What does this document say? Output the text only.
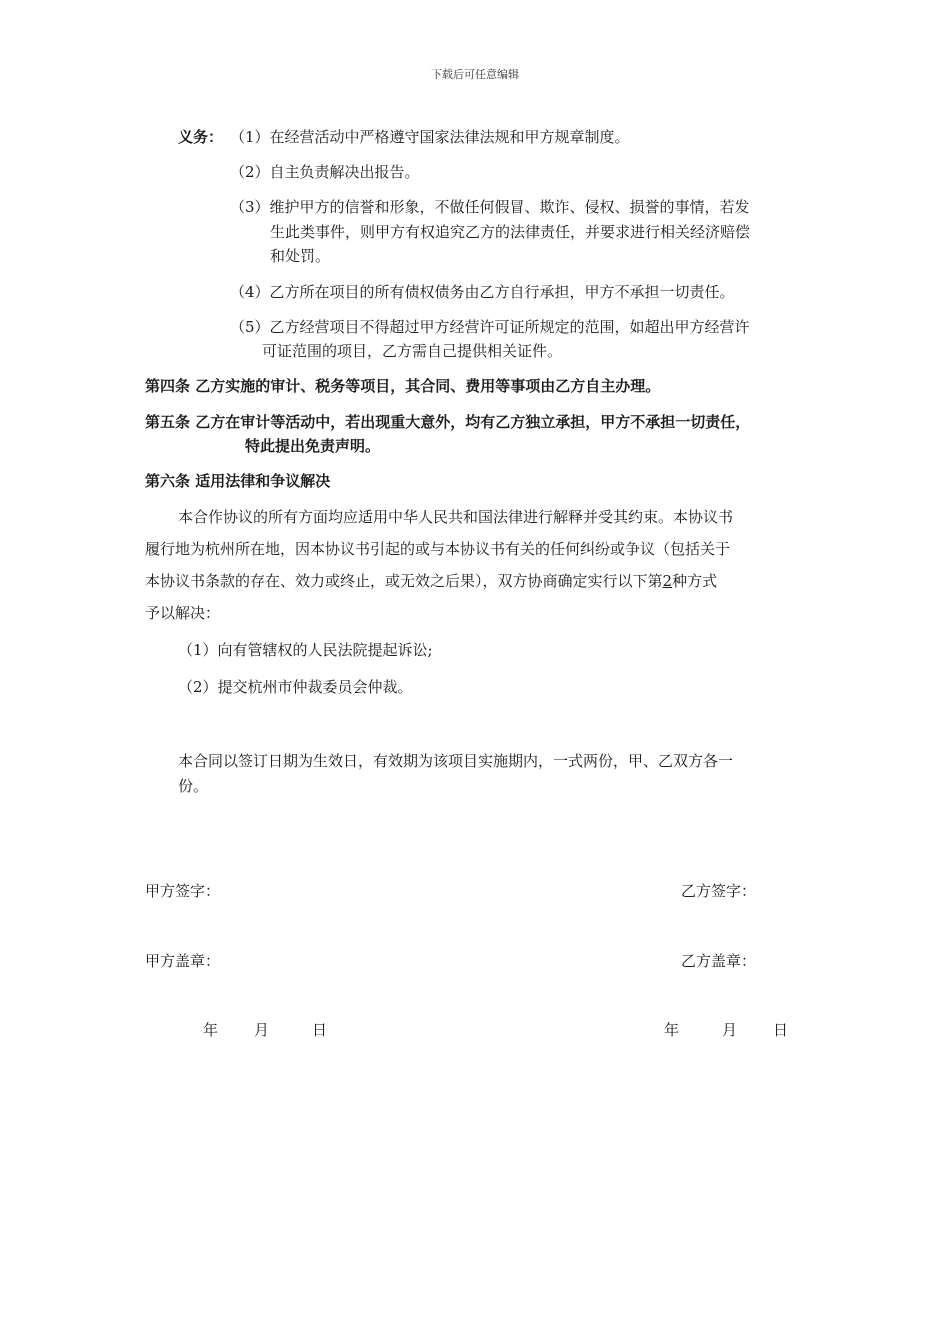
下载后可任意编辑
义务： （1）在经营活动中严格遵守国家法律法规和甲方规章制度。
（2）自主负责解决出报告。
（3）维护甲方的信誉和形象，不做任何假冒、欺诈、侵权、损誉的事情，若发
生此类事件，则甲方有权追究乙方的法律责任，并要求进行相关经济赔偿
和处罚。
（4）乙方所在项目的所有债权债务由乙方自行承担，甲方不承担一切责任。
（5）乙方经营项目不得超过甲方经营许可证所规定的范围，如超出甲方经营许
可证范围的项目，乙方需自己提供相关证件。
第四条 乙方实施的审计、税务等项目，其合同、费用等事项由乙方自主办理。
第五条 乙方在审计等活动中，若出现重大意外，均有乙方独立承担，甲方不承担一切责任，
特此提出免责声明。
第六条 适用法律和争议解决
本合作协议的所有方面均应适用中华人民共和国法律进行解释并受其约束。本协议书
履行地为杭州所在地，因本协议书引起的或与本协议书有关的任何纠纷或争议（包括关于
本协议书条款的存在、效力或终止，或无效之后果），双方协商确定实行以下第2种方式
予以解决：
（1）向有管辖权的人民法院提起诉讼;
（2）提交杭州市仲裁委员会仲裁。
本合同以签订日期为生效日，有效期为该项目实施期内，一式两份，甲、乙双方各一
份。
甲方签字：	乙方签字：
甲方盖章：	乙方盖章：
年 月	日	年	月 日
